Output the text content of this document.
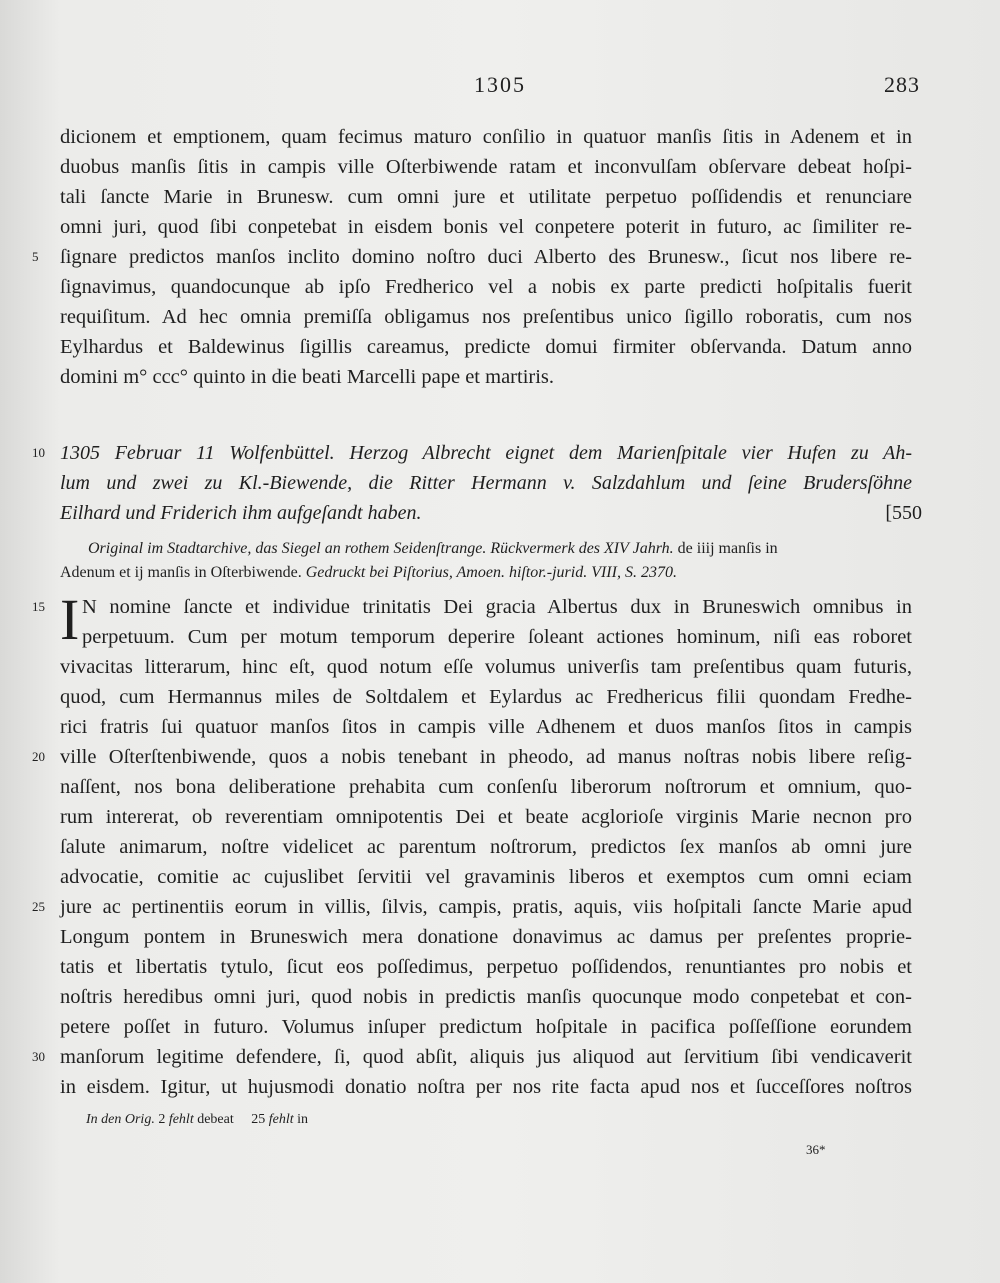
1305	283
dicionem et emptionem, quam fecimus maturo conſilio in quatuor manſis ſitis in Adenem et in
duobus manſis ſitis in campis ville Oſterbiwende ratam et inconvulſam obſervare debeat hoſpi-
tali ſancte Marie in Brunesw. cum omni jure et utilitate perpetuo poſſidendis et renunciare
omni juri, quod ſibi conpetebat in eisdem bonis vel conpetere poterit in futuro, ac ſimiliter re-
5	ſignare predictos manſos inclito domino noſtro duci Alberto des Brunesw., ſicut nos libere re-
ſignavimus, quandocunque ab ipſo Fredherico vel a nobis ex parte predicti hoſpitalis fuerit
requiſitum. Ad hec omnia premiſſa obligamus nos preſentibus unico ſigillo roboratis, cum nos
Eylhardus et Baldewinus ſigillis careamus, predicte domui firmiter obſervanda. Datum anno
domini m° ccc° quinto in die beati Marcelli pape et martiris.
10 1305 Februar 11 Wolfenbüttel. Herzog Albrecht eignet dem Marienſpitale vier Hufen zu Ah-
lum und zwei zu Kl.-Biewende, die Ritter Hermann v. Salzdahlum und ſeine Brudersſöhne
Eilhard und Friderich ihm aufgeſandt haben.	[550
Original im Stadtarchive, das Siegel an rothem Seidenſtrange. Rückvermerk des XIV Jahrh. de iiij manſis in
Adenum et ij manſis in Oſterbiwende. Gedruckt bei Piſtorius, Amoen. hiſtor.-jurid. VIII, S. 2370.
I
15	N nomine ſancte et individue trinitatis Dei gracia Albertus dux in Bruneswich omnibus in
perpetuum. Cum per motum temporum deperire ſoleant actiones hominum, niſi eas roboret
vivacitas litterarum, hinc eſt, quod notum eſſe volumus univerſis tam preſentibus quam futuris,
quod, cum Hermannus miles de Soltdalem et Eylardus ac Fredhericus filii quondam Fredhe-
rici fratris ſui quatuor manſos ſitos in campis ville Adhenem et duos manſos ſitos in campis
20 ville Oſterſtenbiwende, quos a nobis tenebant in pheodo, ad manus noſtras nobis libere reſig-
naſſent, nos bona deliberatione prehabita cum conſenſu liberorum noſtrorum et omnium, quo-
rum intererat, ob reverentiam omnipotentis Dei et beate acglorioſe virginis Marie necnon pro
ſalute animarum, noſtre videlicet ac parentum noſtrorum, predictos ſex manſos ab omni jure
advocatie, comitie ac cujuslibet ſervitii vel gravaminis liberos et exemptos cum omni eciam
25 jure ac pertinentiis eorum in villis, ſilvis, campis, pratis, aquis, viis hoſpitali ſancte Marie apud
Longum pontem in Bruneswich mera donatione donavimus ac damus per preſentes proprie-
tatis et libertatis tytulo, ſicut eos poſſedimus, perpetuo poſſidendos, renuntiantes pro nobis et
noſtris heredibus omni juri, quod nobis in predictis manſis quocunque modo conpetebat et con-
petere poſſet in futuro. Volumus inſuper predictum hoſpitale in pacifica poſſeſſione eorundem
30 manſorum legitime defendere, ſi, quod abſit, aliquis jus aliquod aut ſervitium ſibi vendicaverit
in eisdem. Igitur, ut hujusmodi donatio noſtra per nos rite facta apud nos et ſucceſſores noſtros
In den Orig. 2 fehlt debeat 25 fehlt in
36*
